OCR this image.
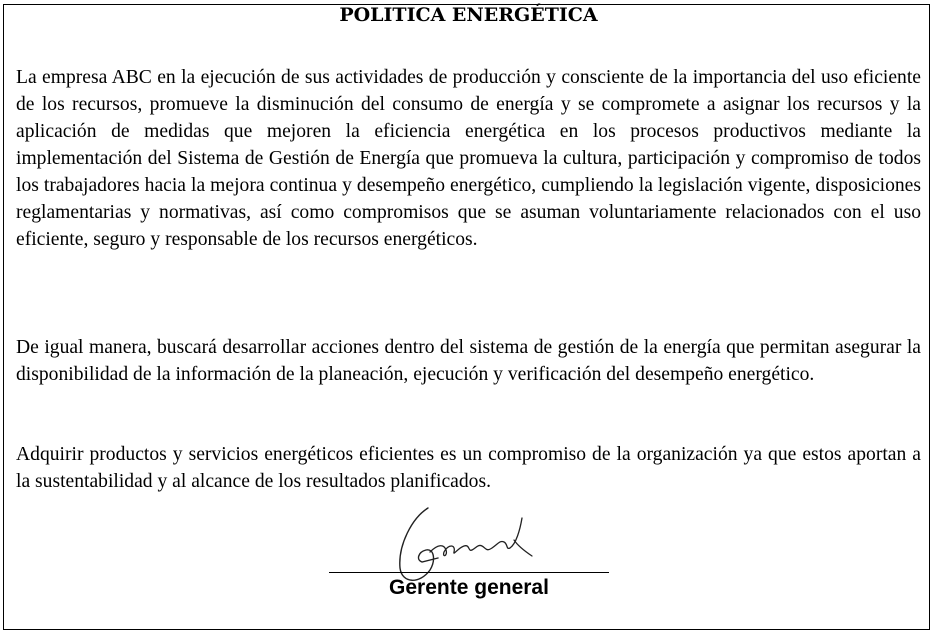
POLITICA ENERGÉTICA

La empresa ABC en la ejecución de sus actividades de producción y consciente de la importancia del uso eficiente de los recursos, promueve la disminución del consumo de energía y se compromete a asignar los recursos y la aplicación de medidas que mejoren la eficiencia energética en los procesos productivos mediante la implementación del Sistema de Gestión de Energía que promueva la cultura, participación y compromiso de todos los trabajadores hacia la mejora continua y desempeño energético, cumpliendo la legislación vigente, disposiciones reglamentarias y normativas, así como compromisos que se asuman voluntariamente relacionados con el uso eficiente, seguro y responsable de los recursos energéticos.

De igual manera, buscará desarrollar acciones dentro del sistema de gestión de la energía que permitan asegurar la disponibilidad de la información de la planeación, ejecución y verificación del desempeño energético.

Adquirir productos y servicios energéticos eficientes es un compromiso de la organización ya que estos aportan a la sustentabilidad y al alcance de los resultados planificados.

Gerente general
